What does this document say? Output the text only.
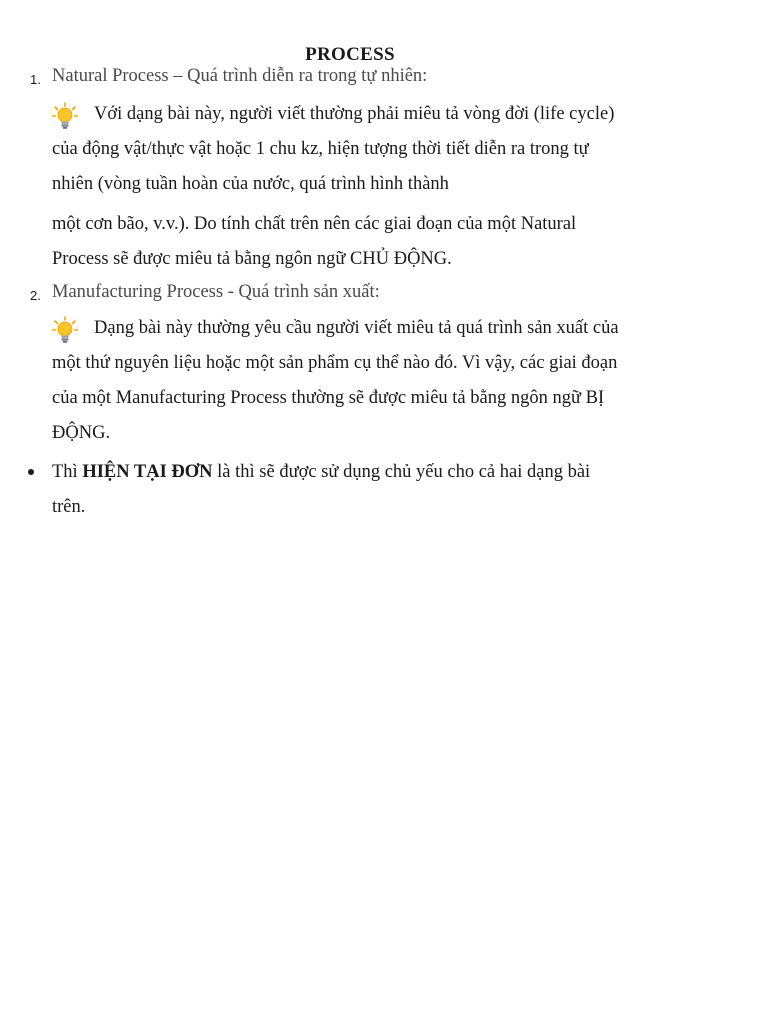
PROCESS
1. Natural Process – Quá trình diễn ra trong tự nhiên:
Với dạng bài này, người viết thường phải miêu tả vòng đời (life cycle)
của động vật/thực vật hoặc 1 chu kz, hiện tượng thời tiết diễn ra trong tự
nhiên (vòng tuần hoàn của nước, quá trình hình thành
một cơn bão, v.v.). Do tính chất trên nên các giai đoạn của một Natural
Process sẽ được miêu tả bằng ngôn ngữ CHỦ ĐỘNG.
2. Manufacturing Process - Quá trình sản xuất:
Dạng bài này thường yêu cầu người viết miêu tả quá trình sản xuất của
một thứ nguyên liệu hoặc một sản phẩm cụ thể nào đó. Vì vậy, các giai đoạn
của một Manufacturing Process thường sẽ được miêu tả bằng ngôn ngữ BỊ
ĐỘNG.
Thì HIỆN TẠI ĐƠN là thì sẽ được sử dụng chủ yếu cho cả hai dạng bài
trên.
